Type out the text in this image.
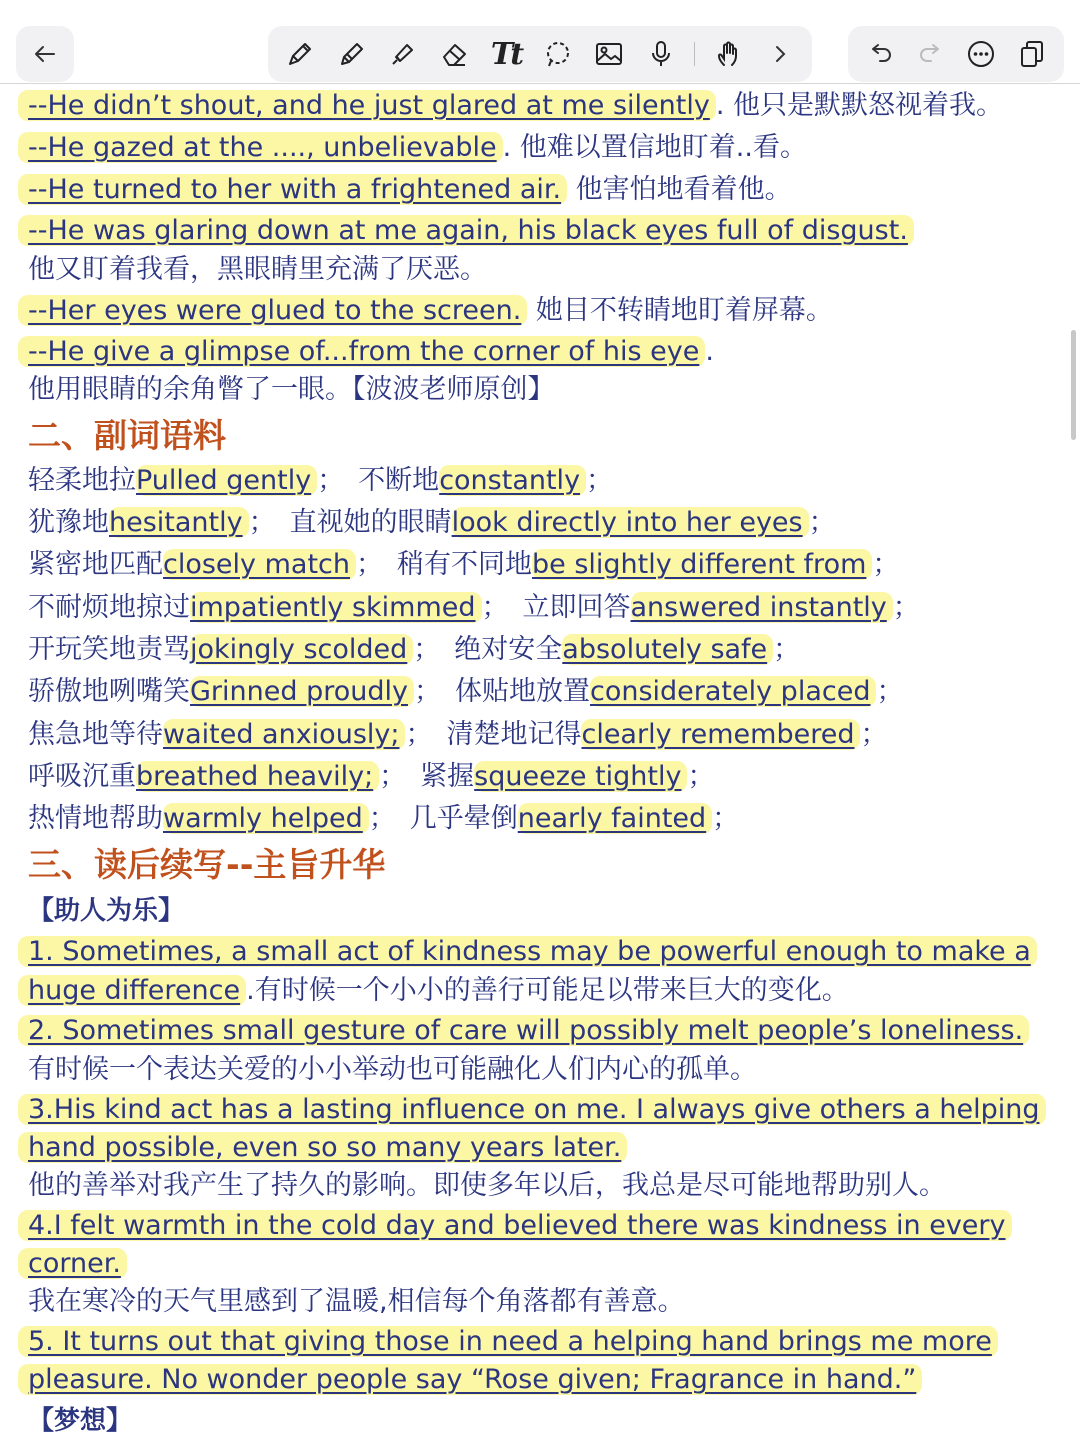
Tt
--He didn’t shout, and he just glared at me silently . 他只是默默怒视着我。
--He gazed at the ...., unbelievable . 他难以置信地盯着..看。
--He turned to her with a frightened air. 他害怕地看着他。
--He was glaring down at me again, his black eyes full of disgust.
他又盯着我看，黑眼睛里充满了厌恶。
--Her eyes were glued to the screen. 她目不转睛地盯着屏幕。
--He give a glimpse of...from the corner of his eye .
他用眼睛的余角瞥了一眼。【波波老师原创】
二、副词语料
轻柔地拉Pulled gently ； 不断地constantly ；
犹豫地hesitantly ； 直视她的眼睛look directly into her eyes ；
紧密地匹配closely match ； 稍有不同地be slightly different from ；
不耐烦地掠过impatiently skimmed ； 立即回答answered instantly ；
开玩笑地责骂jokingly scolded ； 绝对安全absolutely safe ；
骄傲地咧嘴笑Grinned proudly ； 体贴地放置considerately placed ；
焦急地等待waited anxiously; ； 清楚地记得clearly remembered ；
呼吸沉重breathed heavily; ； 紧握squeeze tightly ；
热情地帮助warmly helped ； 几乎晕倒nearly fainted ；
三、读后续写--主旨升华
【助人为乐】
1. Sometimes, a small act of kindness may be powerful enough to make a
huge difference .有时候一个小小的善行可能足以带来巨大的变化。
2. Sometimes small gesture of care will possibly melt people’s loneliness.
有时候一个表达关爱的小小举动也可能融化人们内心的孤单。
3.His kind act has a lasting influence on me. I always give others a helping
hand possible, even so so many years later.
他的善举对我产生了持久的影响。即使多年以后，我总是尽可能地帮助别人。
4.I felt warmth in the cold day and believed there was kindness in every
corner.
我在寒冷的天气里感到了温暖,相信每个角落都有善意。
5. It turns out that giving those in need a helping hand brings me more
pleasure. No wonder people say “Rose given; Fragrance in hand.”
【梦想】
